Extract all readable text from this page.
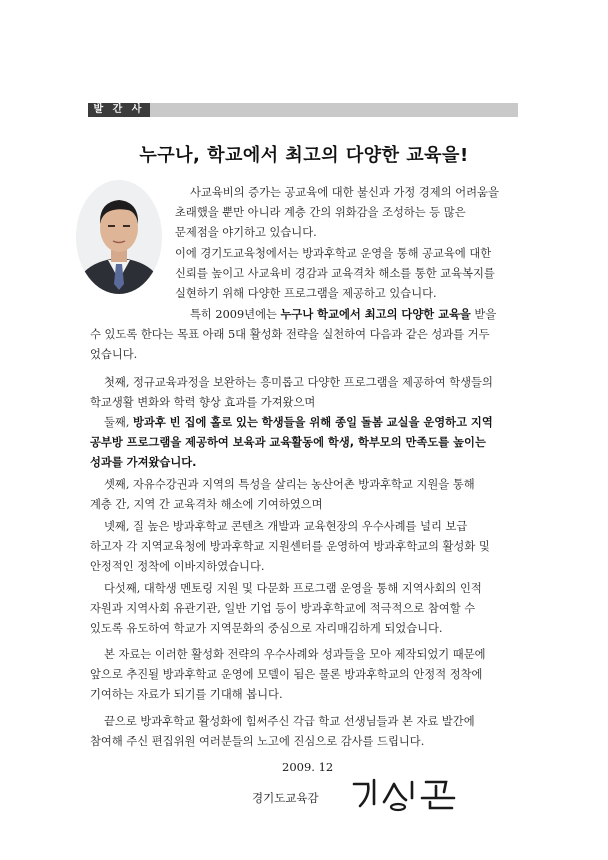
발 간 사
누구나, 학교에서 최고의 다양한 교육을!
사교육비의 증가는 공교육에 대한 불신과 가정 경제의 어려움을
초래했을 뿐만 아니라 계층 간의 위화감을 조성하는 등 많은
문제점을 야기하고 있습니다.
이에 경기도교육청에서는 방과후학교 운영을 통해 공교육에 대한
신뢰를 높이고 사교육비 경감과 교육격차 해소를 통한 교육복지를
실현하기 위해 다양한 프로그램을 제공하고 있습니다.
특히 2009년에는 누구나 학교에서 최고의 다양한 교육을 받을
수 있도록 한다는 목표 아래 5대 활성화 전략을 실천하여 다음과 같은 성과를 거두
었습니다.
첫째, 정규교육과정을 보완하는 흥미롭고 다양한 프로그램을 제공하여 학생들의
학교생활 변화와 학력 향상 효과를 가져왔으며
둘째, 방과후 빈 집에 홀로 있는 학생들을 위해 종일 돌봄 교실을 운영하고 지역
공부방 프로그램을 제공하여 보육과 교육활동에 학생, 학부모의 만족도를 높이는
성과를 가져왔습니다.
셋째, 자유수강권과 지역의 특성을 살리는 농산어촌 방과후학교 지원을 통해
계층 간, 지역 간 교육격차 해소에 기여하였으며
넷째, 질 높은 방과후학교 콘텐츠 개발과 교육현장의 우수사례를 널리 보급
하고자 각 지역교육청에 방과후학교 지원센터를 운영하여 방과후학교의 활성화 및
안정적인 정착에 이바지하였습니다.
다섯째, 대학생 멘토링 지원 및 다문화 프로그램 운영을 통해 지역사회의 인적
자원과 지역사회 유관기관, 일반 기업 등이 방과후학교에 적극적으로 참여할 수
있도록 유도하여 학교가 지역문화의 중심으로 자리매김하게 되었습니다.
본 자료는 이러한 활성화 전략의 우수사례와 성과들을 모아 제작되었기 때문에
앞으로 추진될 방과후학교 운영에 모델이 됨은 물론 방과후학교의 안정적 정착에
기여하는 자료가 되기를 기대해 봅니다.
2009. 12
경기도교육감
끝으로 방과후학교 활성화에 힘써주신 각급 학교 선생님들과 본 자료 발간에
참여해 주신 편집위원 여러분들의 노고에 진심으로 감사를 드립니다.
